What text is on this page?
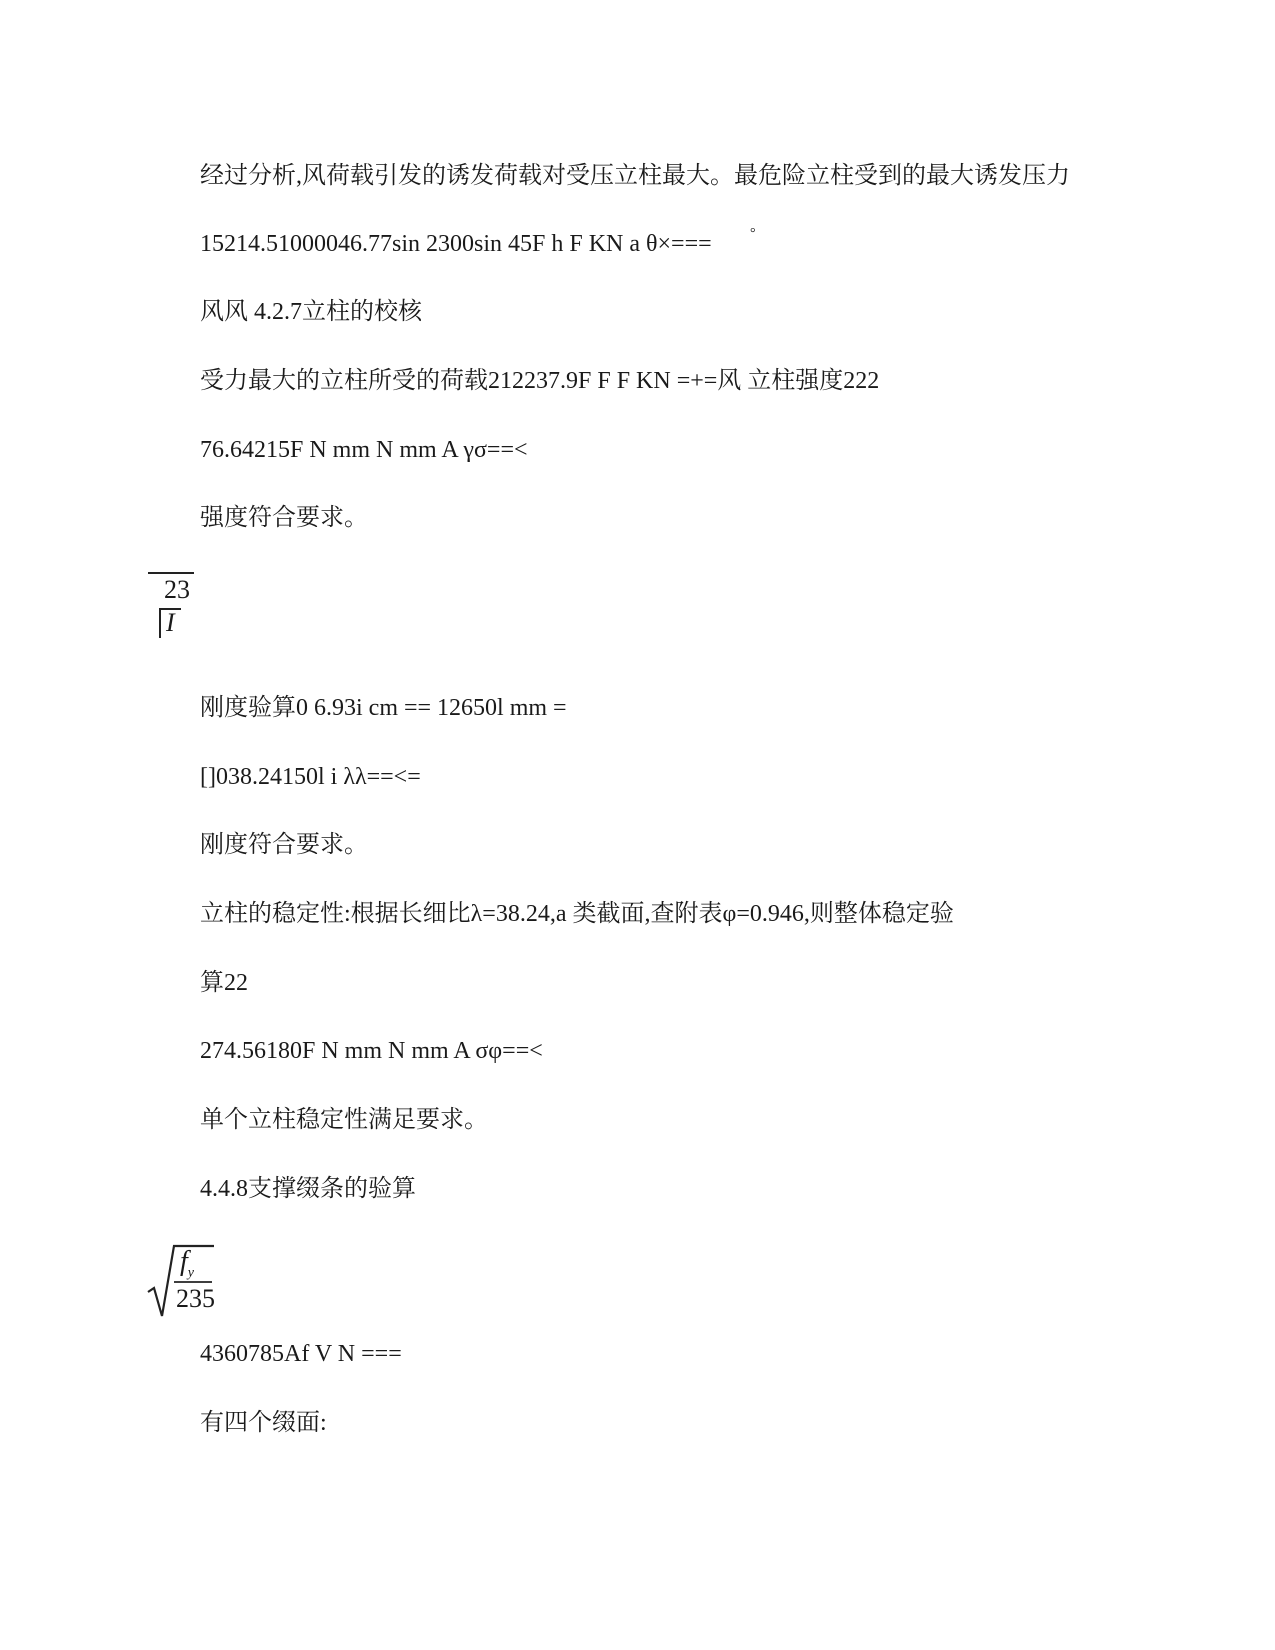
经过分析,风荷载引发的诱发荷载对受压立柱最大。最危险立柱受到的最大诱发压力
15214.51000046.77sin 2300sin 45F h F KN a θ×===	°
风风 4.2.7立柱的校核
受力最大的立柱所受的荷载212237.9F F F KN =+=风 立柱强度222
76.64215F N mm N mm A γσ==<
强度符合要求。
23
I
刚度验算0 6.93i cm == 12650l mm =
[]038.24150l i λλ==<=
刚度符合要求。
立柱的稳定性:根据长细比λ=38.24,a 类截面,查附表φ=0.946,则整体稳定验
算22
274.56180F N mm N mm A σφ==<
单个立柱稳定性满足要求。
4.4.8支撑缀条的验算
$f_y$
235
4360785Af V N ===
有四个缀面:
